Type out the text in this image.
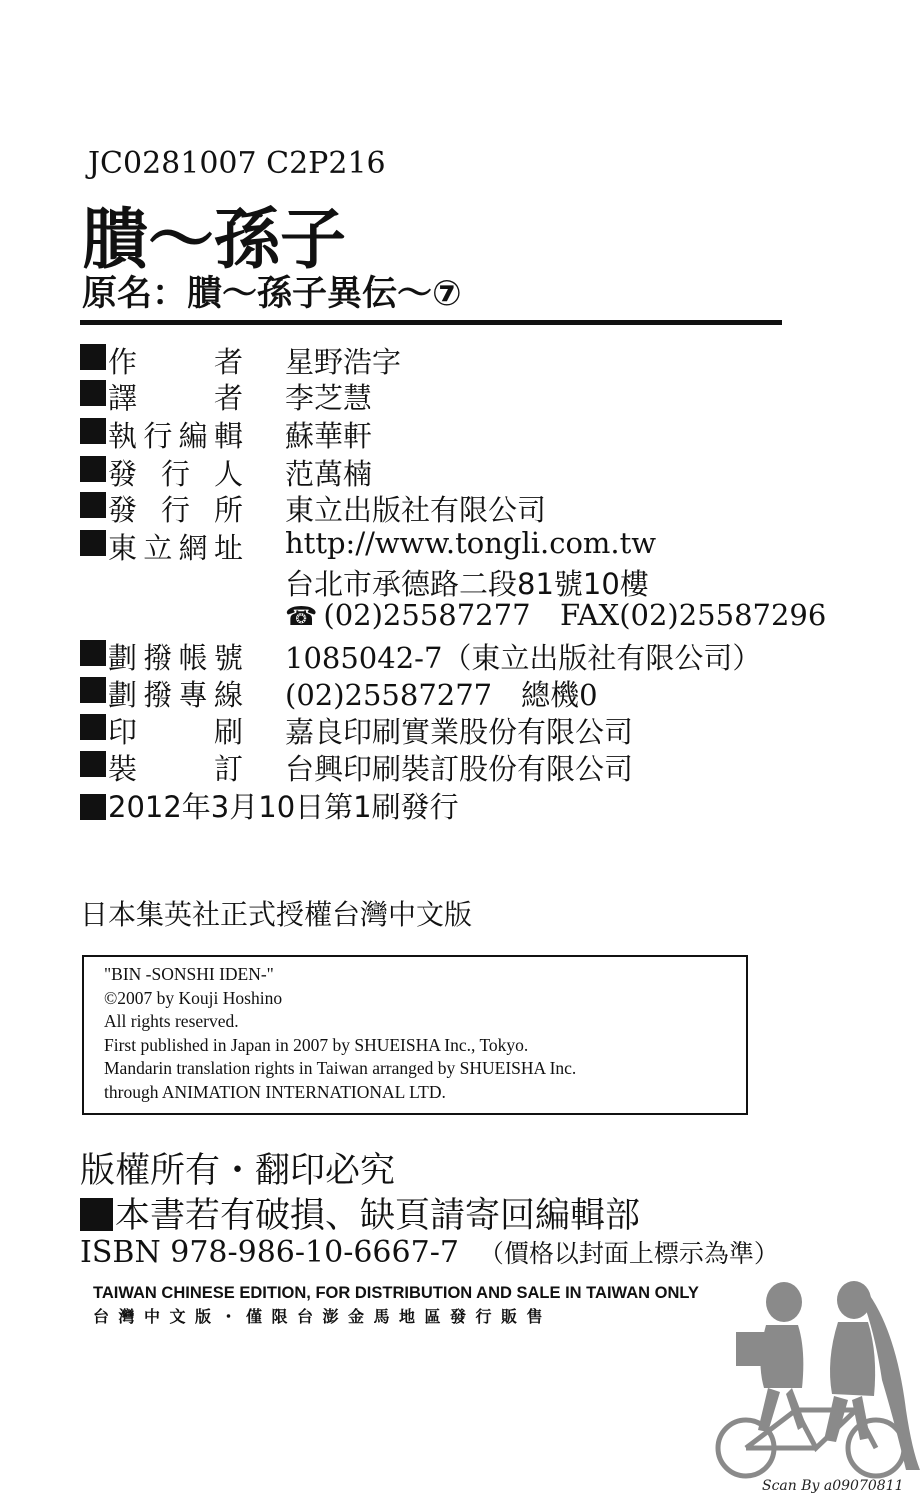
JC0281007 C2P216
膭～孫子
原名：膭～孫子異伝～⑦
作者	星野浩字
譯者	李芝慧
執行編輯	蘇華軒
發行人	范萬楠
發行所	東立出版社有限公司
東立網址	http://www.tongli.com.tw
台北市承德路二段81號10樓
☎ (02)25587277 FAX(02)25587296
劃撥帳號	1085042-7（東立出版社有限公司）
劃撥專線	(02)25587277　總機0
印刷	嘉良印刷實業股份有限公司
裝訂	台興印刷裝訂股份有限公司
2012年3月10日第1刷發行
日本集英社正式授權台灣中文版
"BIN -SONSHI IDEN-"
©2007 by Kouji Hoshino
All rights reserved.
First published in Japan in 2007 by SHUEISHA Inc., Tokyo.
Mandarin translation rights in Taiwan arranged by SHUEISHA Inc.
through ANIMATION INTERNATIONAL LTD.
版權所有・翻印必究
本書若有破損、缺頁請寄回編輯部
ISBN 978-986-10-6667-7 （價格以封面上標示為準）
TAIWAN CHINESE EDITION, FOR DISTRIBUTION AND SALE IN TAIWAN ONLY
台灣中文版・僅限台澎金馬地區發行販售
Scan By a09070811
